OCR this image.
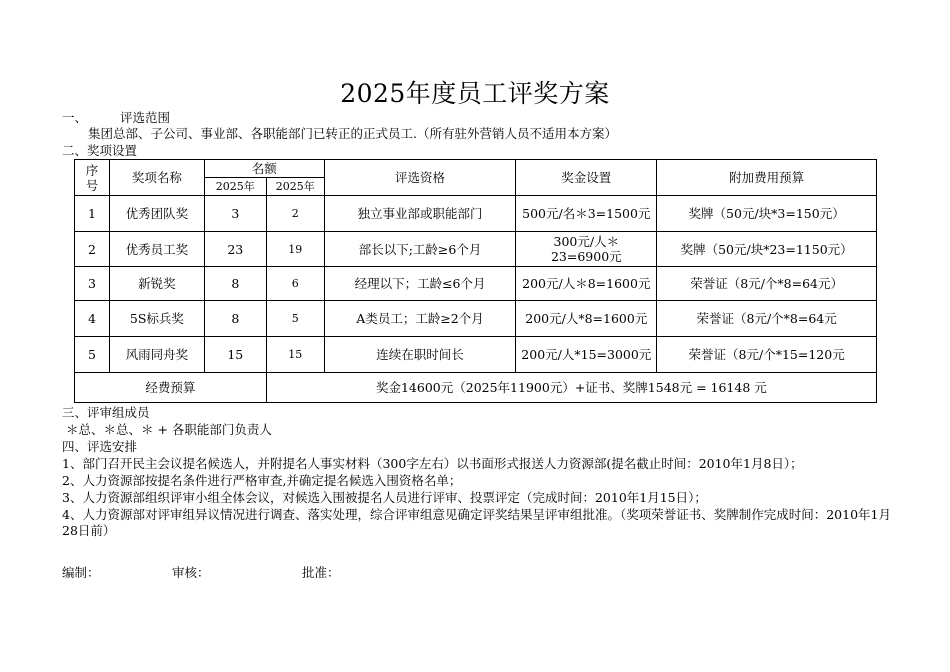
2025年度员工评奖方案
一、	评选范围
集团总部、子公司、事业部、各职能部门已转正的正式员工.（所有驻外营销人员不适用本方案）
二、奖项设置
序号	奖项名称	名额		评选资格	奖金设置	附加费用预算
		2025年	2025年			
1	优秀团队奖	3	2	独立事业部或职能部门	500元/名＊3=1500元	奖牌（50元/块*3=150元）
2	优秀员工奖	23	19	部长以下;工龄≥6个月	300元/人＊23=6900元	奖牌（50元/块*23=1150元）
3	新锐奖	8	6	经理以下；工龄≤6个月	200元/人＊8=1600元	荣誉证（8元/个*8=64元）
4	5S标兵奖	8	5	A类员工；工龄≥2个月	200元/人*8=1600元	荣誉证（8元/个*8=64元
5	风雨同舟奖	15	15	连续在职时间长	200元/人*15=3000元	荣誉证（8元/个*15=120元
经费预算			奖金14600元（2025年11900元）+证书、奖牌1548元 = 16148 元			
三、评审组成员
＊总、＊总、＊ + 各职能部门负责人
四、评选安排
1、部门召开民主会议提名候选人，并附提名人事实材料（300字左右）以书面形式报送人力资源部(提名截止时间：2010年1月8日）；
2、人力资源部按提名条件进行严格审查,并确定提名候选入围资格名单；
3、人力资源部组织评审小组全体会议，对候选入围被提名人员进行评审、投票评定（完成时间：2010年1月15日）；
4、人力资源部对评审组异议情况进行调查、落实处理，综合评审组意见确定评奖结果呈评审组批准。（奖项荣誉证书、奖牌制作完成时间：2010年1月28日前）
编制：	审核：	批准：
